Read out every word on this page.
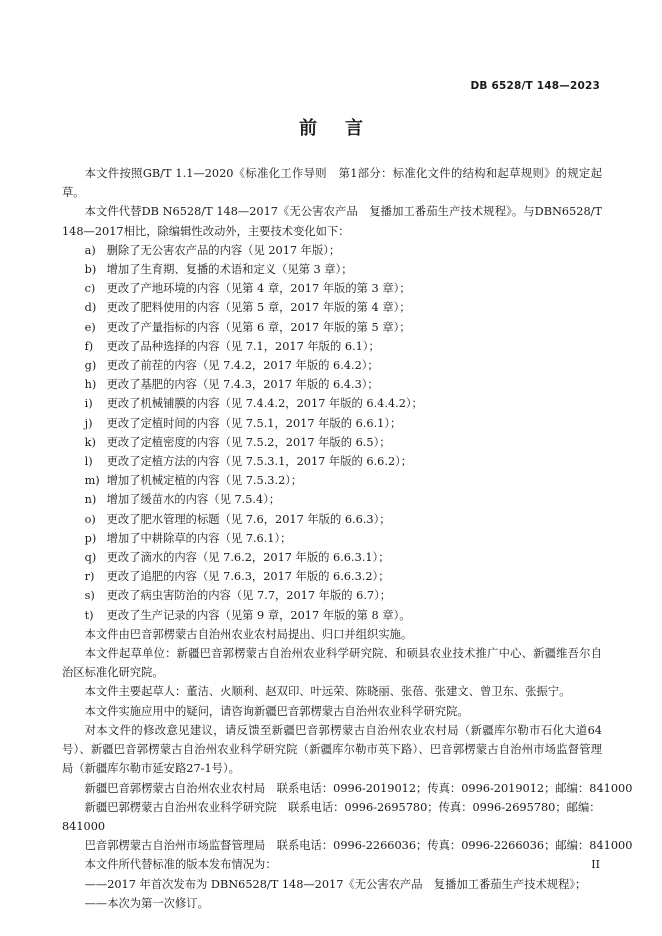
DB 6528/T 148—2023
前言

本文件按照GB/T 1.1—2020《标准化工作导则　第1部分：标准化文件的结构和起草规则》的规定起草。

本文件代替DB N6528/T 148—2017《无公害农产品　复播加工番茄生产技术规程》。与DBN6528/T 148—2017相比，除编辑性改动外，主要技术变化如下：

a) 删除了无公害农产品的内容（见 2017 年版）；

b) 增加了生育期、复播的术语和定义（见第 3 章）；

c) 更改了产地环境的内容（见第 4 章，2017 年版的第 3 章）；

d) 更改了肥料使用的内容（见第 5 章，2017 年版的第 4 章）；

e) 更改了产量指标的内容（见第 6 章，2017 年版的第 5 章）；

f) 更改了品种选择的内容（见 7.1，2017 年版的 6.1）；

g) 更改了前茬的内容（见 7.4.2，2017 年版的 6.4.2）；

h) 更改了基肥的内容（见 7.4.3，2017 年版的 6.4.3）；

i) 更改了机械铺膜的内容（见 7.4.4.2，2017 年版的 6.4.4.2）；

j) 更改了定植时间的内容（见 7.5.1，2017 年版的 6.6.1）；

k) 更改了定植密度的内容（见 7.5.2，2017 年版的 6.5）；

l) 更改了定植方法的内容（见 7.5.3.1，2017 年版的 6.6.2）；

m) 增加了机械定植的内容（见 7.5.3.2）；

n) 增加了缓苗水的内容（见 7.5.4）；

o) 更改了肥水管理的标题（见 7.6，2017 年版的 6.6.3）；

p) 增加了中耕除草的内容（见 7.6.1）；

q) 更改了滴水的内容（见 7.6.2，2017 年版的 6.6.3.1）；

r) 更改了追肥的内容（见 7.6.3，2017 年版的 6.6.3.2）；

s) 更改了病虫害防治的内容（见 7.7，2017 年版的 6.7）；

t) 更改了生产记录的内容（见第 9 章，2017 年版的第 8 章）。

本文件由巴音郭楞蒙古自治州农业农村局提出、归口并组织实施。

本文件起草单位：新疆巴音郭楞蒙古自治州农业科学研究院、和硕县农业技术推广中心、新疆维吾尔自治区标准化研究院。

本文件主要起草人：董洁、火顺利、赵双印、叶远荣、陈晓丽、张蓓、张建文、曾卫东、张振宁。

本文件实施应用中的疑问，请咨询新疆巴音郭楞蒙古自治州农业科学研究院。

对本文件的修改意见建议，请反馈至新疆巴音郭楞蒙古自治州农业农村局（新疆库尔勒市石化大道64号）、新疆巴音郭楞蒙古自治州农业科学研究院（新疆库尔勒市英下路）、巴音郭楞蒙古自治州市场监督管理局（新疆库尔勒市延安路27-1号）。

新疆巴音郭楞蒙古自治州农业农村局　联系电话：0996-2019012；传真：0996-2019012；邮编：841000

新疆巴郭楞蒙古自治州农业科学研究院　联系电话：0996-2695780；传真：0996-2695780；邮编：

841000

巴音郭楞蒙古自治州市场监督管理局　联系电话：0996-2266036；传真：0996-2266036；邮编：841000

本文件所代替标准的版本发布情况为：

——2017 年首次发布为 DBN6528/T 148—2017《无公害农产品　复播加工番茄生产技术规程》；

——本次为第一次修订。

II
